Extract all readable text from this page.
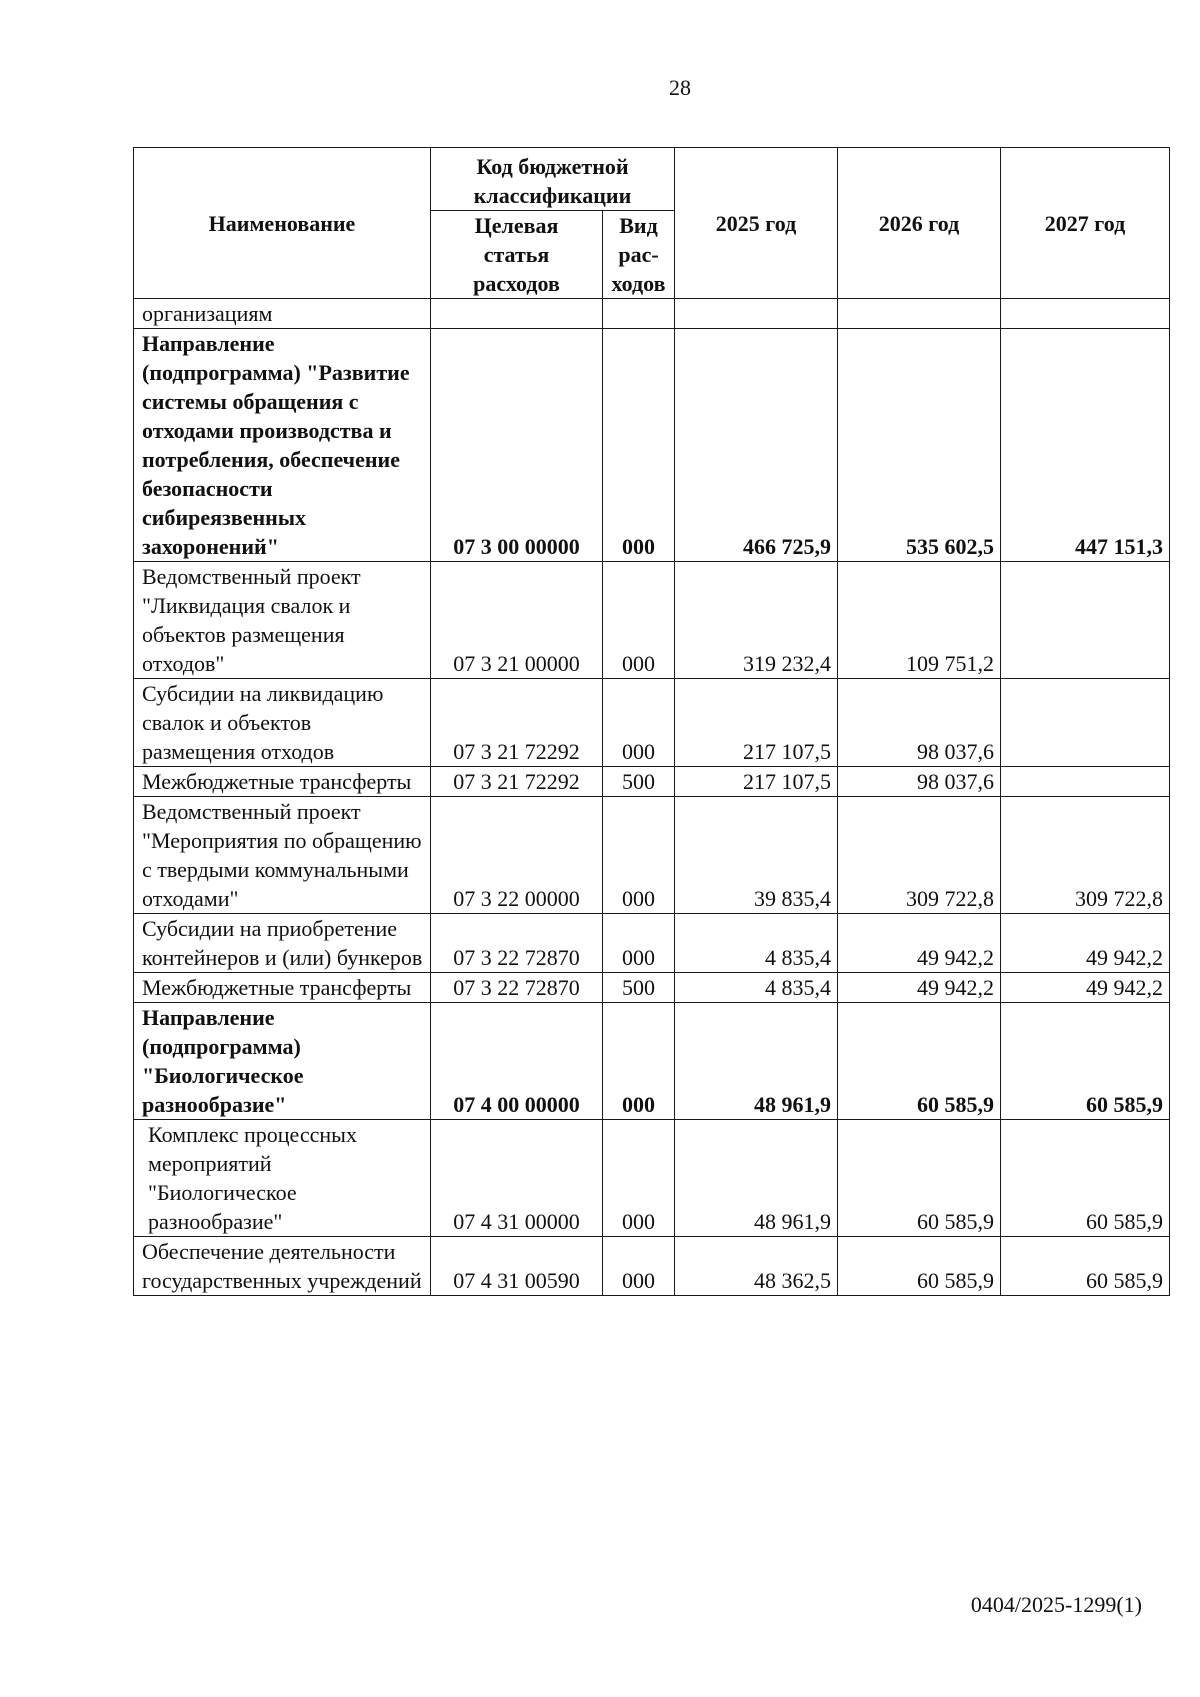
28
Наименование	Код бюджетной классификации		2025 год	2026 год	2027 год
	Целевая статья расходов	Вид рас-ходов			
организациям					
Направление (подпрограмма) "Развитие системы обращения с отходами производства и потребления, обеспечение безопасности сибиреязвенных захоронений"	07 3 00 00000	000	466 725,9	535 602,5	447 151,3
Ведомственный проект "Ликвидация свалок и объектов размещения отходов"	07 3 21 00000	000	319 232,4	109 751,2	
Субсидии на ликвидацию свалок и объектов размещения отходов	07 3 21 72292	000	217 107,5	98 037,6	
Межбюджетные трансферты	07 3 21 72292	500	217 107,5	98 037,6	
Ведомственный проект "Мероприятия по обращению с твердыми коммунальными отходами"	07 3 22 00000	000	39 835,4	309 722,8	309 722,8
Субсидии на приобретение контейнеров и (или) бункеров	07 3 22 72870	000	4 835,4	49 942,2	49 942,2
Межбюджетные трансферты	07 3 22 72870	500	4 835,4	49 942,2	49 942,2
Направление (подпрограмма) "Биологическое разнообразие"	07 4 00 00000	000	48 961,9	60 585,9	60 585,9
Комплекс процессных мероприятий "Биологическое разнообразие"	07 4 31 00000	000	48 961,9	60 585,9	60 585,9
Обеспечение деятельности государственных учреждений	07 4 31 00590	000	48 362,5	60 585,9	60 585,9
0404/2025-1299(1)
